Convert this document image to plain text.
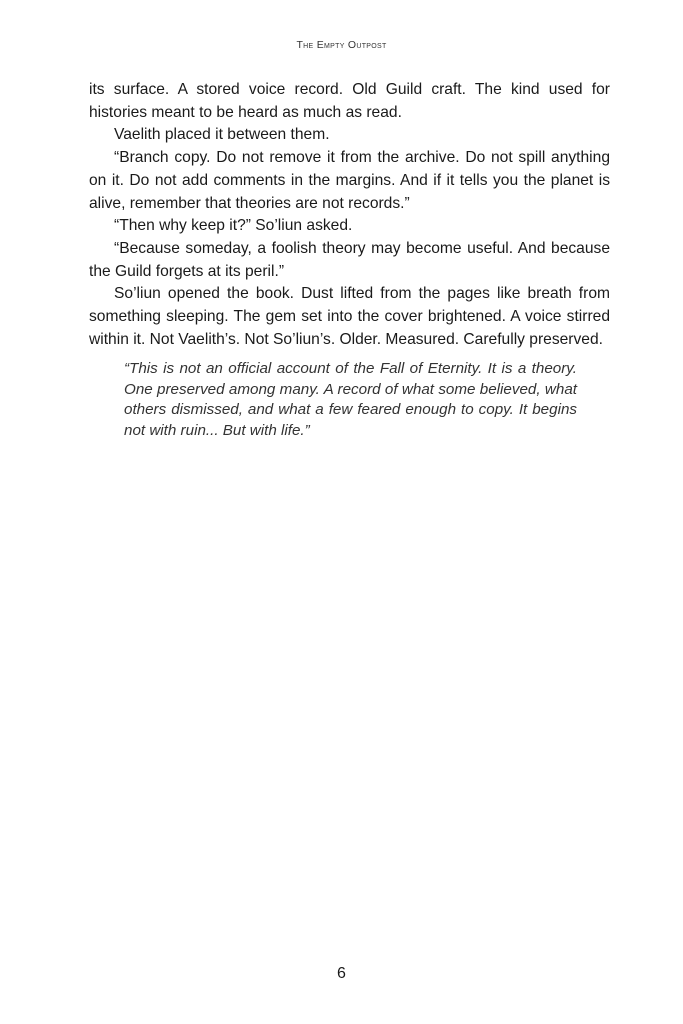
The Empty Outpost

its surface. A stored voice record. Old Guild craft. The kind used for histories meant to be heard as much as read.

Vaelith placed it between them.

“Branch copy. Do not remove it from the archive. Do not spill anything on it. Do not add comments in the margins. And if it tells you the planet is alive, remember that theories are not records.”

“Then why keep it?” So’liun asked.

“Because someday, a foolish theory may become useful. And because the Guild forgets at its peril.”

So’liun opened the book. Dust lifted from the pages like breath from something sleeping. The gem set into the cover brightened. A voice stirred within it. Not Vaelith’s. Not So’liun’s. Older. Measured. Carefully preserved.

“This is not an official account of the Fall of Eternity. It is a theory. One preserved among many. A record of what some believed, what others dismissed, and what a few feared enough to copy. It begins not with ruin... But with life.”

6
